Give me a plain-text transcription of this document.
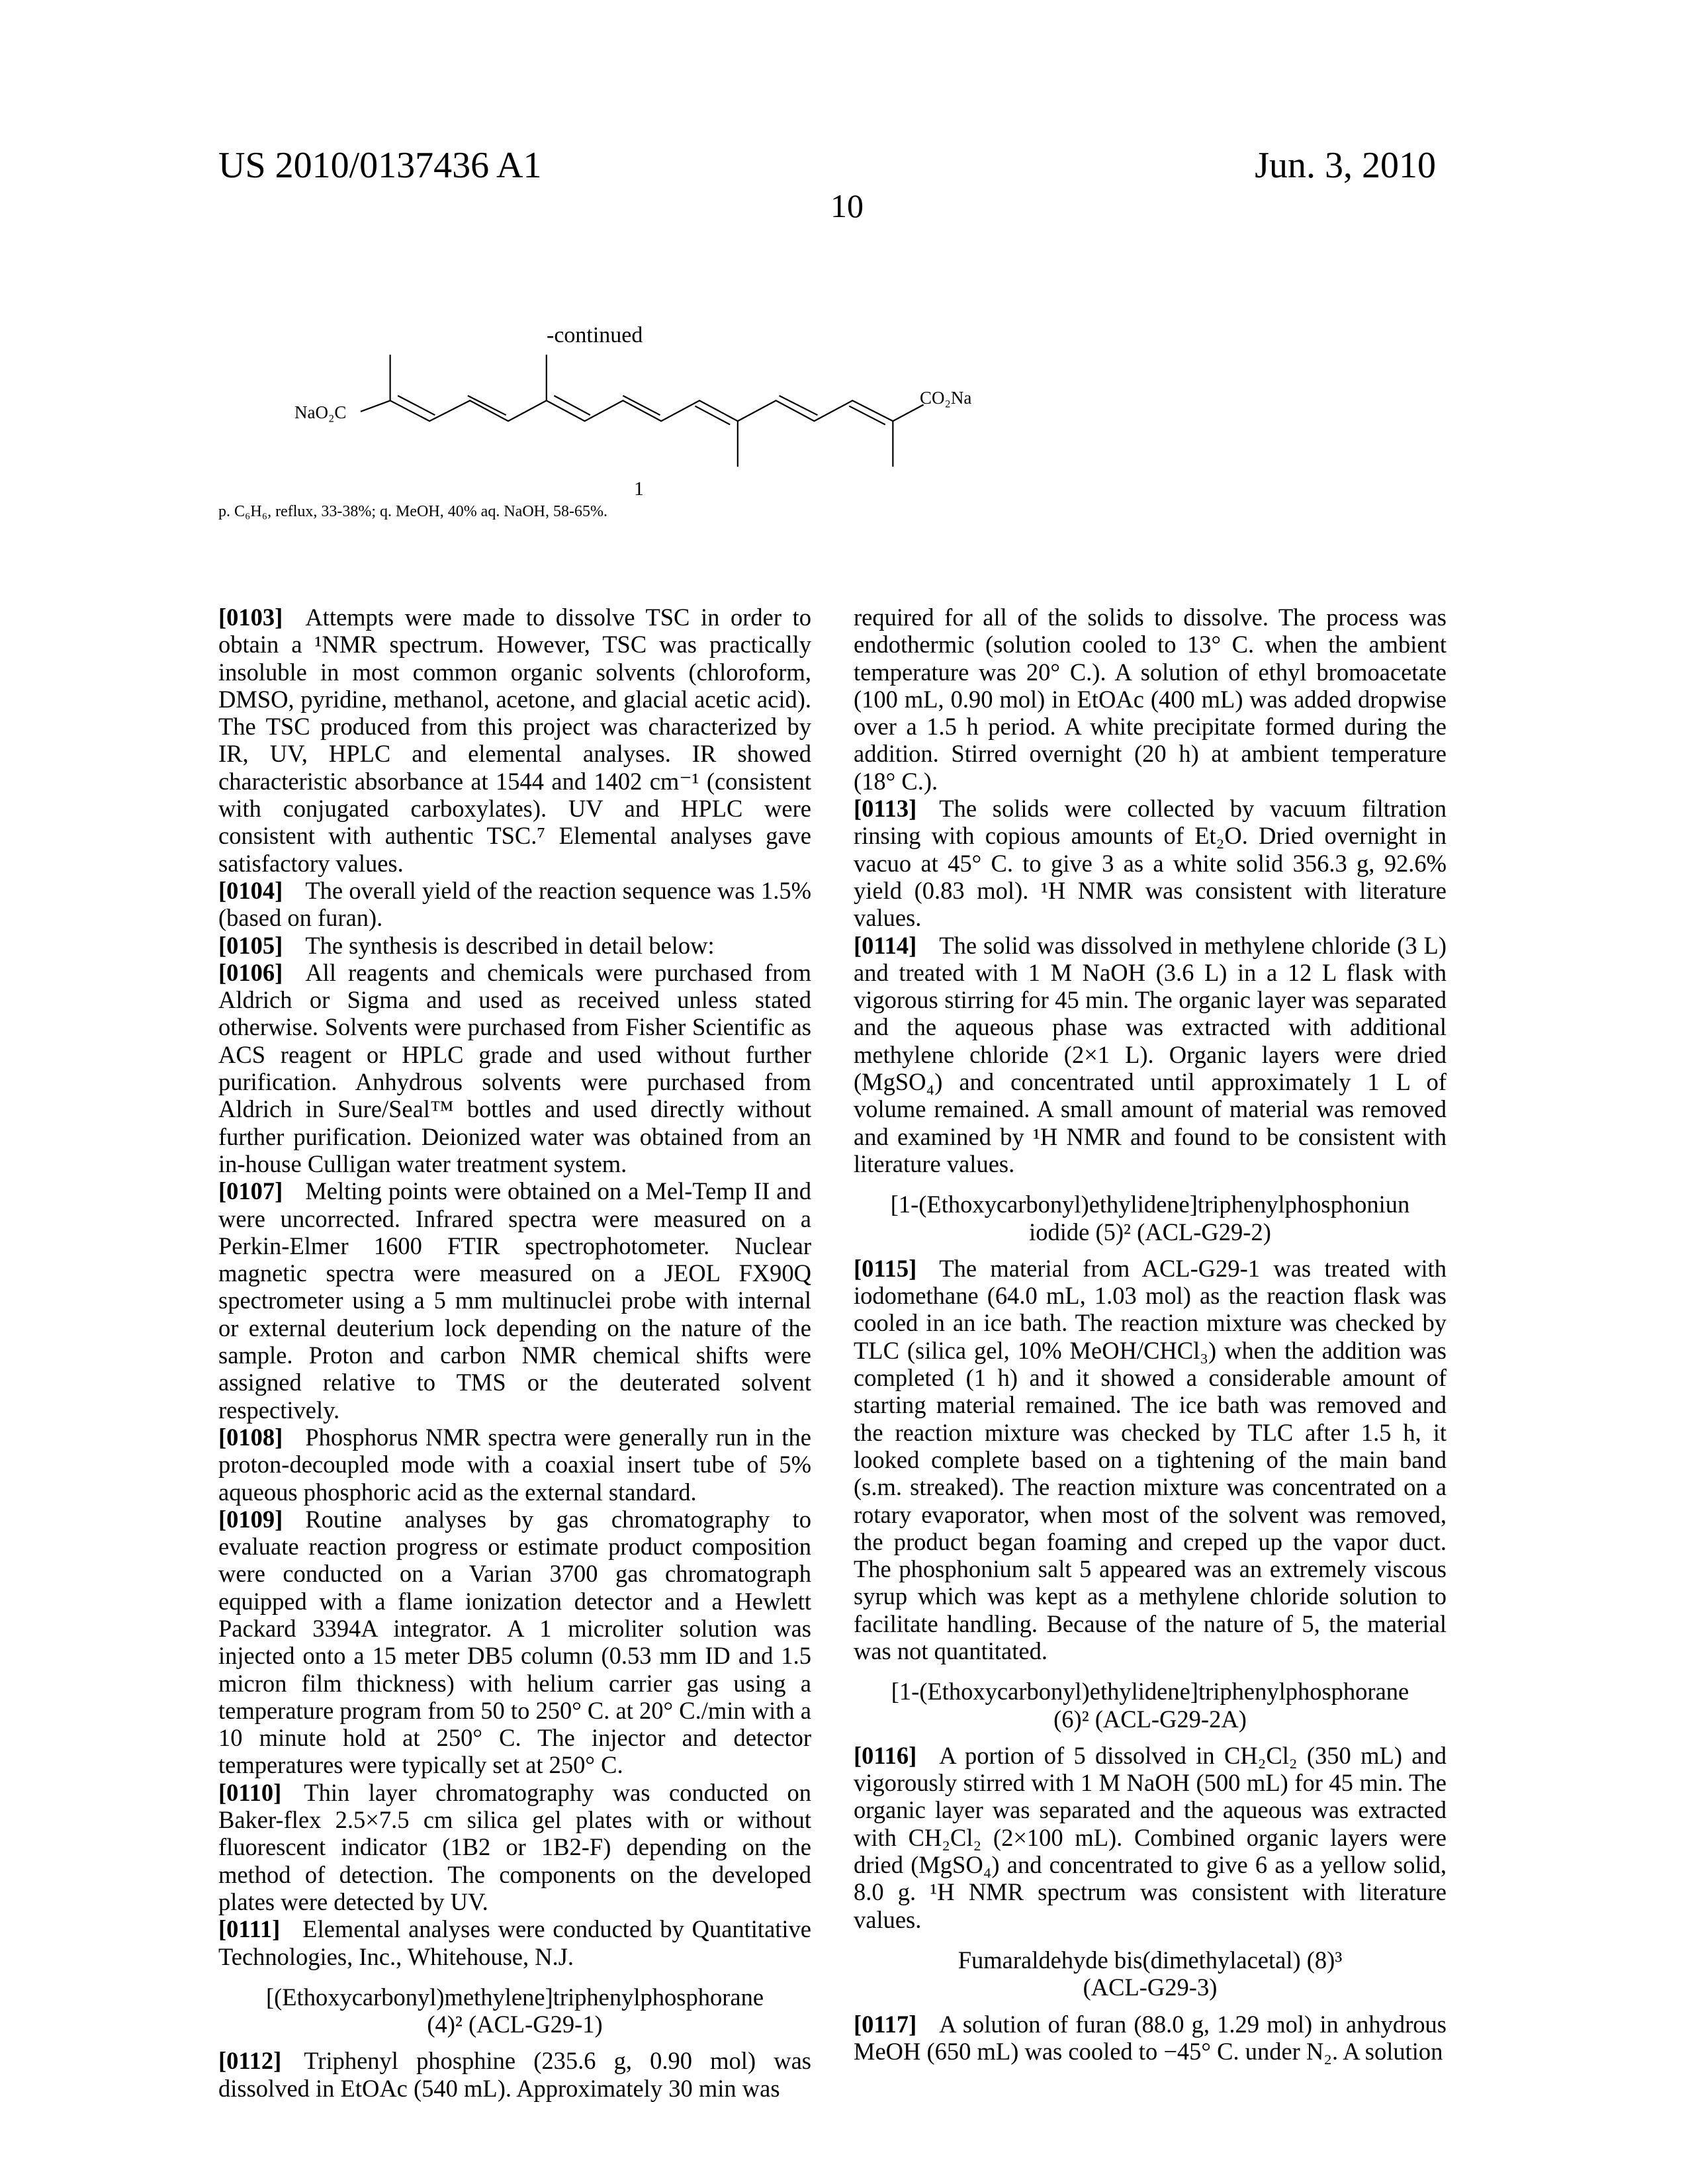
US 2010/0137436 A1	Jun. 3, 2010
10
-continued
NaO₂C
CO₂Na
1
p. C₆H₆, reflux, 33-38%; q. MeOH, 40% aq. NaOH, 58-65%.

[0103] Attempts were made to dissolve TSC in order to obtain a ¹NMR spectrum. However, TSC was practically insoluble in most common organic solvents (chloroform, DMSO, pyridine, methanol, acetone, and glacial acetic acid). The TSC produced from this project was characterized by IR, UV, HPLC and elemental analyses. IR showed characteristic absorbance at 1544 and 1402 cm⁻¹ (consistent with conjugated carboxylates). UV and HPLC were consistent with authentic TSC.⁷ Elemental analyses gave satisfactory values.

[0104] The overall yield of the reaction sequence was 1.5% (based on furan).

[0105] The synthesis is described in detail below:

[0106] All reagents and chemicals were purchased from Aldrich or Sigma and used as received unless stated otherwise. Solvents were purchased from Fisher Scientific as ACS reagent or HPLC grade and used without further purification. Anhydrous solvents were purchased from Aldrich in Sure/Seal™ bottles and used directly without further purification. Deionized water was obtained from an in-house Culligan water treatment system.

[0107] Melting points were obtained on a Mel-Temp II and were uncorrected. Infrared spectra were measured on a Perkin-Elmer 1600 FTIR spectrophotometer. Nuclear magnetic spectra were measured on a JEOL FX90Q spectrometer using a 5 mm multinuclei probe with internal or external deuterium lock depending on the nature of the sample. Proton and carbon NMR chemical shifts were assigned relative to TMS or the deuterated solvent respectively.

[0108] Phosphorus NMR spectra were generally run in the proton-decoupled mode with a coaxial insert tube of 5% aqueous phosphoric acid as the external standard.

[0109] Routine analyses by gas chromatography to evaluate reaction progress or estimate product composition were conducted on a Varian 3700 gas chromatograph equipped with a flame ionization detector and a Hewlett Packard 3394A integrator. A 1 microliter solution was injected onto a 15 meter DB5 column (0.53 mm ID and 1.5 micron film thickness) with helium carrier gas using a temperature program from 50 to 250° C. at 20° C./min with a 10 minute hold at 250° C. The injector and detector temperatures were typically set at 250° C.

[0110] Thin layer chromatography was conducted on Baker-flex 2.5×7.5 cm silica gel plates with or without fluorescent indicator (1B2 or 1B2-F) depending on the method of detection. The components on the developed plates were detected by UV.

[0111] Elemental analyses were conducted by Quantitative Technologies, Inc., Whitehouse, N.J.

[(Ethoxycarbonyl)methylene]triphenylphosphorane
(4)² (ACL-G29-1)

[0112] Triphenyl phosphine (235.6 g, 0.90 mol) was dissolved in EtOAc (540 mL). Approximately 30 min was

required for all of the solids to dissolve. The process was endothermic (solution cooled to 13° C. when the ambient temperature was 20° C.). A solution of ethyl bromoacetate (100 mL, 0.90 mol) in EtOAc (400 mL) was added dropwise over a 1.5 h period. A white precipitate formed during the addition. Stirred overnight (20 h) at ambient temperature (18° C.).

[0113] The solids were collected by vacuum filtration rinsing with copious amounts of Et₂O. Dried overnight in vacuo at 45° C. to give 3 as a white solid 356.3 g, 92.6% yield (0.83 mol). ¹H NMR was consistent with literature values.

[0114] The solid was dissolved in methylene chloride (3 L) and treated with 1 M NaOH (3.6 L) in a 12 L flask with vigorous stirring for 45 min. The organic layer was separated and the aqueous phase was extracted with additional methylene chloride (2×1 L). Organic layers were dried (MgSO₄) and concentrated until approximately 1 L of volume remained. A small amount of material was removed and examined by ¹H NMR and found to be consistent with literature values.

[1-(Ethoxycarbonyl)ethylidene]triphenylphosphoniun
iodide (5)² (ACL-G29-2)

[0115] The material from ACL-G29-1 was treated with iodomethane (64.0 mL, 1.03 mol) as the reaction flask was cooled in an ice bath. The reaction mixture was checked by TLC (silica gel, 10% MeOH/CHCl₃) when the addition was completed (1 h) and it showed a considerable amount of starting material remained. The ice bath was removed and the reaction mixture was checked by TLC after 1.5 h, it looked complete based on a tightening of the main band (s.m. streaked). The reaction mixture was concentrated on a rotary evaporator, when most of the solvent was removed, the product began foaming and creped up the vapor duct. The phosphonium salt 5 appeared was an extremely viscous syrup which was kept as a methylene chloride solution to facilitate handling. Because of the nature of 5, the material was not quantitated.

[1-(Ethoxycarbonyl)ethylidene]triphenylphosphorane
(6)² (ACL-G29-2A)

[0116] A portion of 5 dissolved in CH₂Cl₂ (350 mL) and vigorously stirred with 1 M NaOH (500 mL) for 45 min. The organic layer was separated and the aqueous was extracted with CH₂Cl₂ (2×100 mL). Combined organic layers were dried (MgSO₄) and concentrated to give 6 as a yellow solid, 8.0 g. ¹H NMR spectrum was consistent with literature values.

Fumaraldehyde bis(dimethylacetal) (8)³
(ACL-G29-3)

[0117] A solution of furan (88.0 g, 1.29 mol) in anhydrous MeOH (650 mL) was cooled to −45° C. under N₂. A solution
